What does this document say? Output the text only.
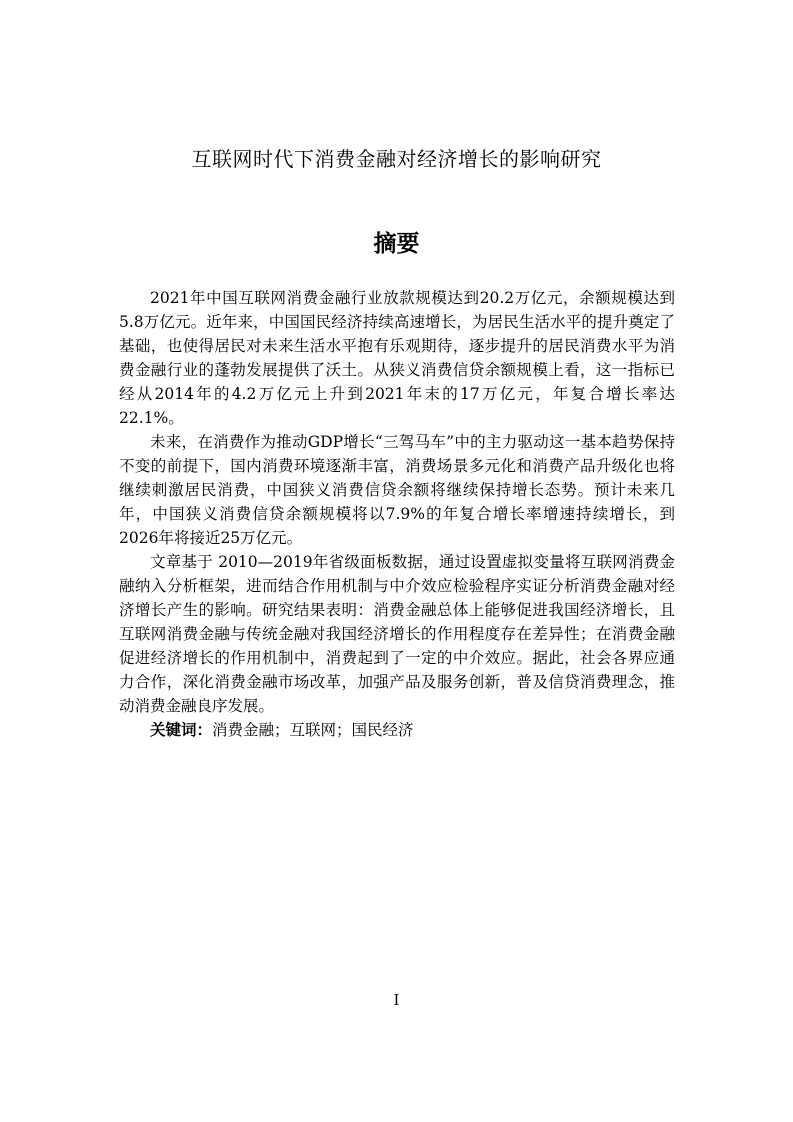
互联网时代下消费金融对经济增长的影响研究
摘要

2021年中国互联网消费金融行业放款规模达到20.2万亿元，余额规模达到5.8万亿元。近年来，中国国民经济持续高速增长，为居民生活水平的提升奠定了基础，也使得居民对未来生活水平抱有乐观期待，逐步提升的居民消费水平为消费金融行业的蓬勃发展提供了沃土。从狭义消费信贷余额规模上看，这一指标已经从2014年的4.2万亿元上升到2021年末的17万亿元，年复合增长率达22.1%。

未来，在消费作为推动GDP增长“三驾马车”中的主力驱动这一基本趋势保持不变的前提下，国内消费环境逐渐丰富，消费场景多元化和消费产品升级化也将继续刺激居民消费，中国狭义消费信贷余额将继续保持增长态势。预计未来几年，中国狭义消费信贷余额规模将以7.9%的年复合增长率增速持续增长，到2026年将接近25万亿元。

文章基于 2010—2019年省级面板数据，通过设置虚拟变量将互联网消费金融纳入分析框架，进而结合作用机制与中介效应检验程序实证分析消费金融对经济增长产生的影响。研究结果表明：消费金融总体上能够促进我国经济增长，且互联网消费金融与传统金融对我国经济增长的作用程度存在差异性；在消费金融促进经济增长的作用机制中，消费起到了一定的中介效应。据此，社会各界应通力合作，深化消费金融市场改革，加强产品及服务创新，普及信贷消费理念，推动消费金融良序发展。

关键词：消费金融；互联网；国民经济

I
